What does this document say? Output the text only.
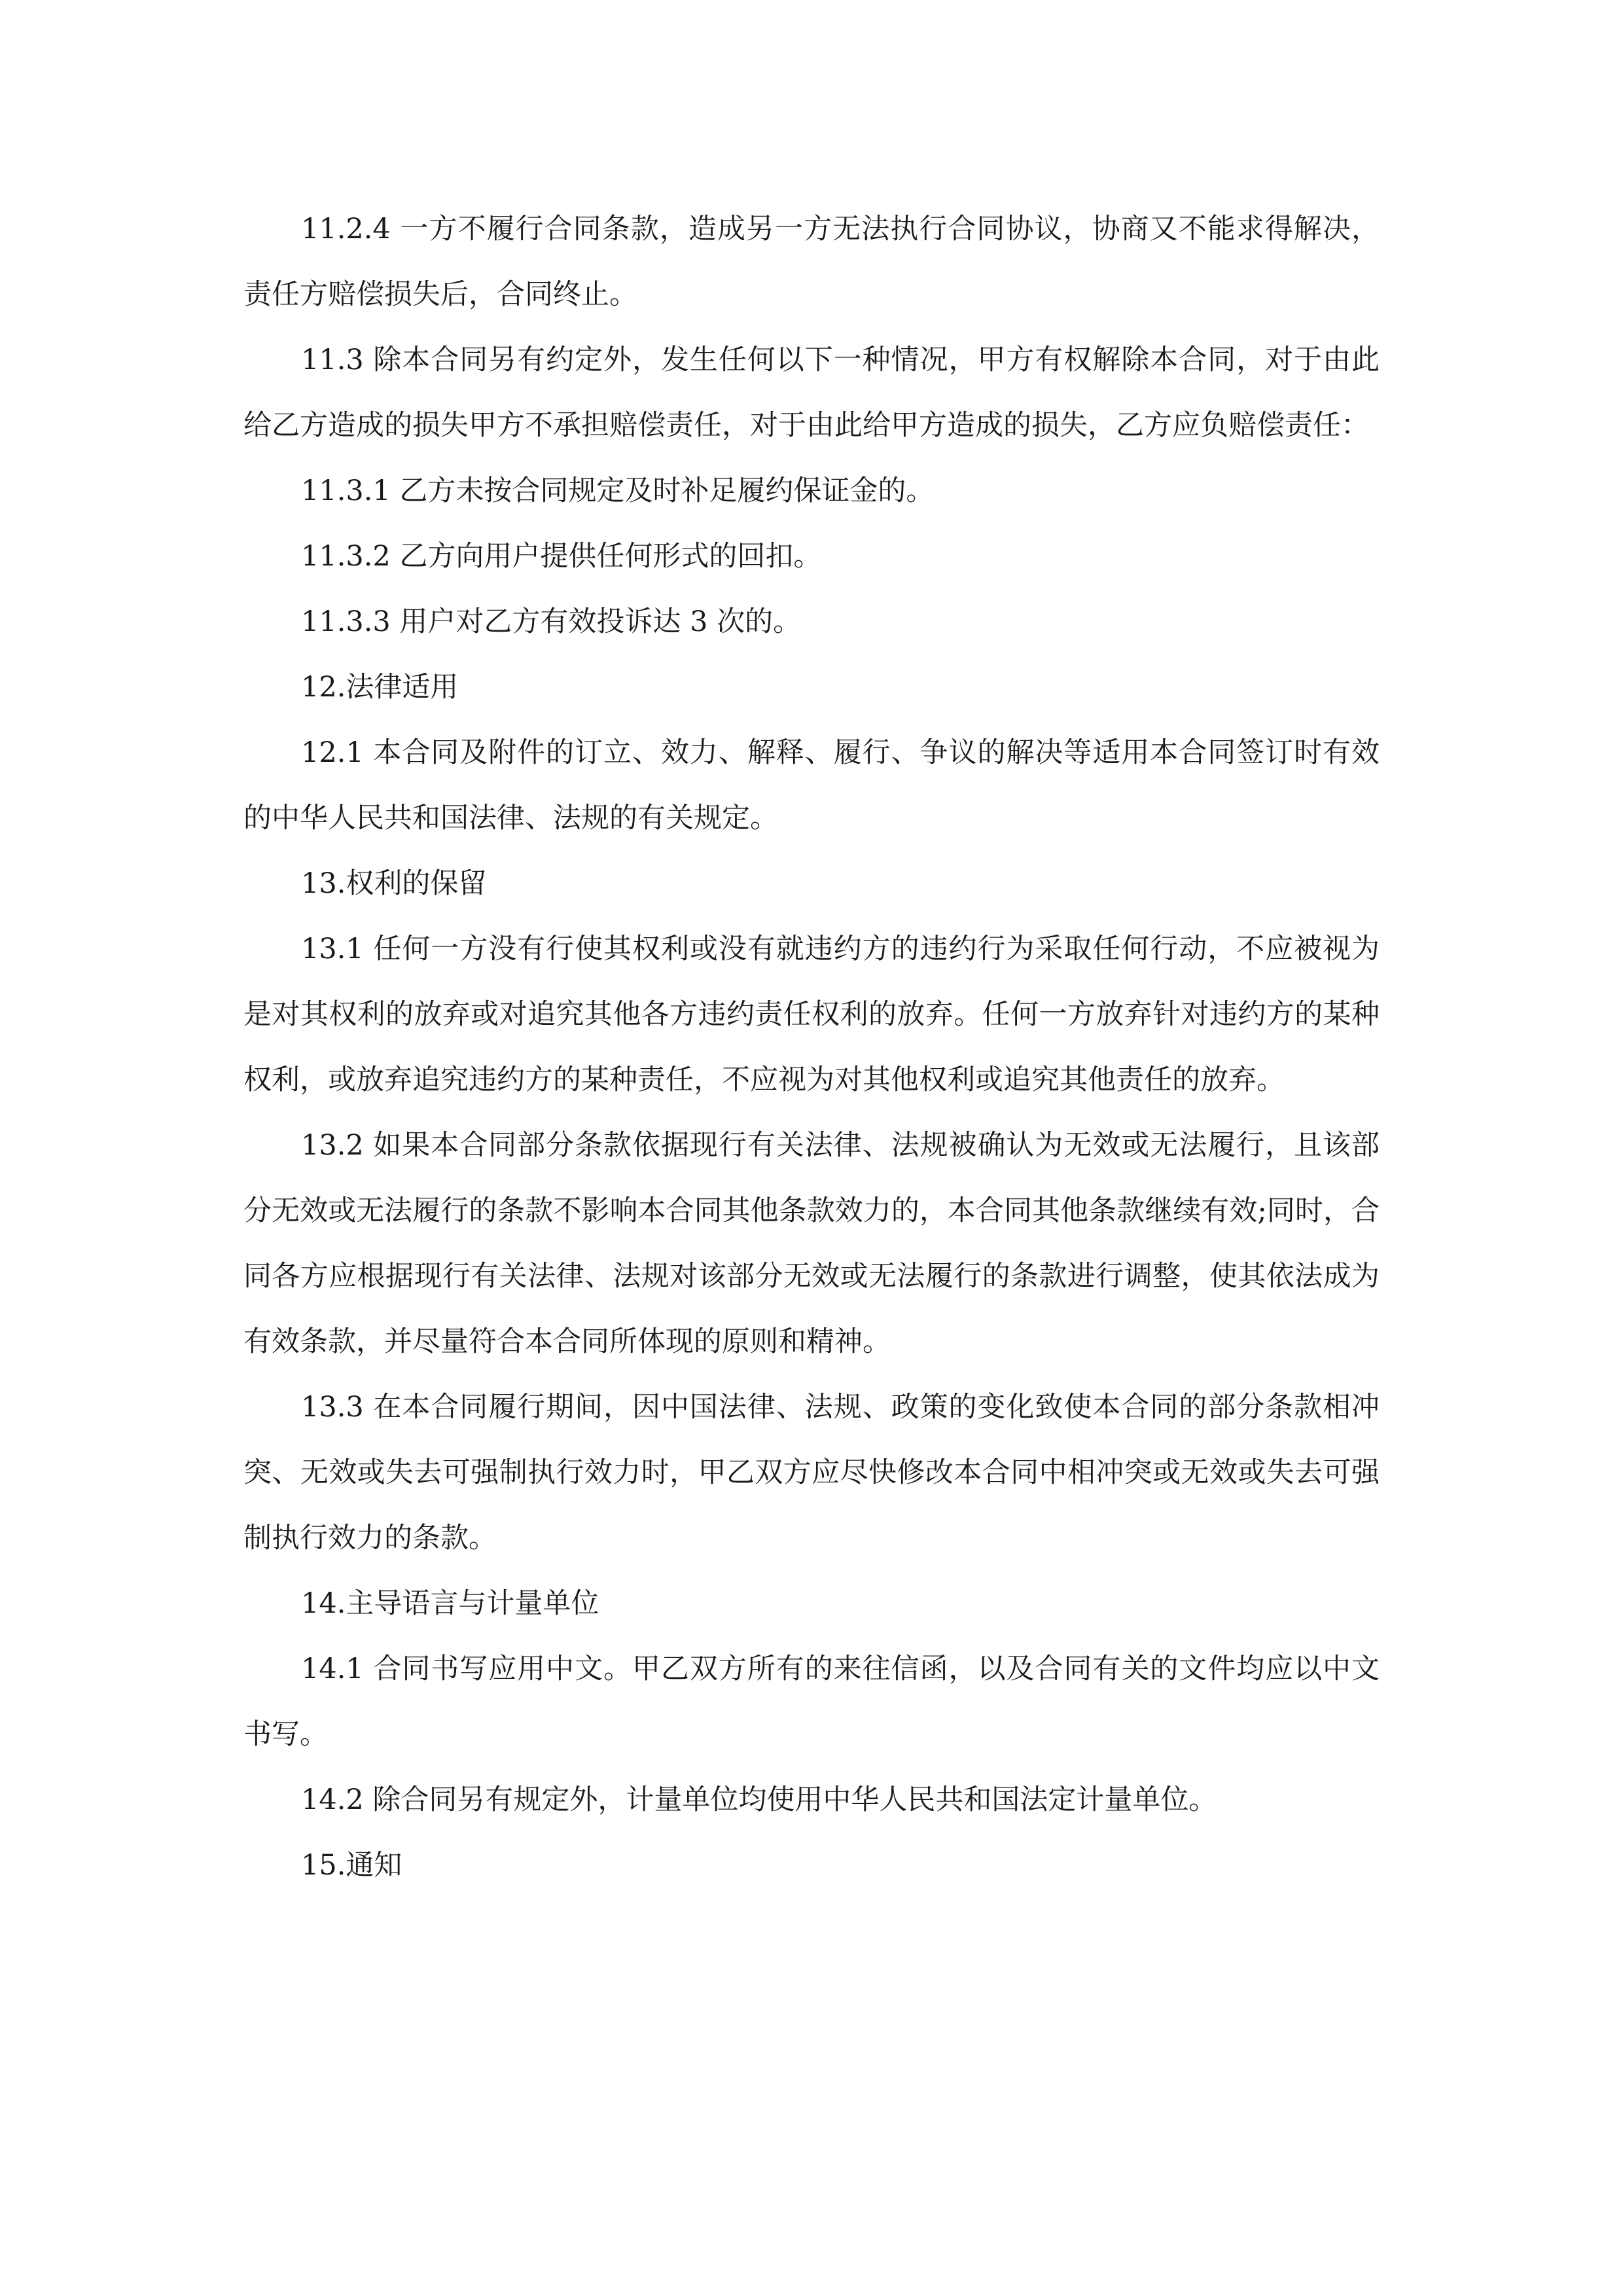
11.2.4 一方不履行合同条款，造成另一方无法执行合同协议，协商又不能求得解决，责任方赔偿损失后，合同终止。

11.3 除本合同另有约定外，发生任何以下一种情况，甲方有权解除本合同，对于由此给乙方造成的损失甲方不承担赔偿责任，对于由此给甲方造成的损失，乙方应负赔偿责任：

11.3.1 乙方未按合同规定及时补足履约保证金的。

11.3.2 乙方向用户提供任何形式的回扣。

11.3.3 用户对乙方有效投诉达 3 次的。

12.法律适用

12.1 本合同及附件的订立、效力、解释、履行、争议的解决等适用本合同签订时有效的中华人民共和国法律、法规的有关规定。

13.权利的保留

13.1 任何一方没有行使其权利或没有就违约方的违约行为采取任何行动，不应被视为是对其权利的放弃或对追究其他各方违约责任权利的放弃。任何一方放弃针对违约方的某种权利，或放弃追究违约方的某种责任，不应视为对其他权利或追究其他责任的放弃。

13.2 如果本合同部分条款依据现行有关法律、法规被确认为无效或无法履行，且该部分无效或无法履行的条款不影响本合同其他条款效力的，本合同其他条款继续有效;同时，合同各方应根据现行有关法律、法规对该部分无效或无法履行的条款进行调整，使其依法成为有效条款，并尽量符合本合同所体现的原则和精神。

13.3 在本合同履行期间，因中国法律、法规、政策的变化致使本合同的部分条款相冲突、无效或失去可强制执行效力时，甲乙双方应尽快修改本合同中相冲突或无效或失去可强制执行效力的条款。

14.主导语言与计量单位

14.1 合同书写应用中文。甲乙双方所有的来往信函，以及合同有关的文件均应以中文书写。

14.2 除合同另有规定外，计量单位均使用中华人民共和国法定计量单位。

15.通知
